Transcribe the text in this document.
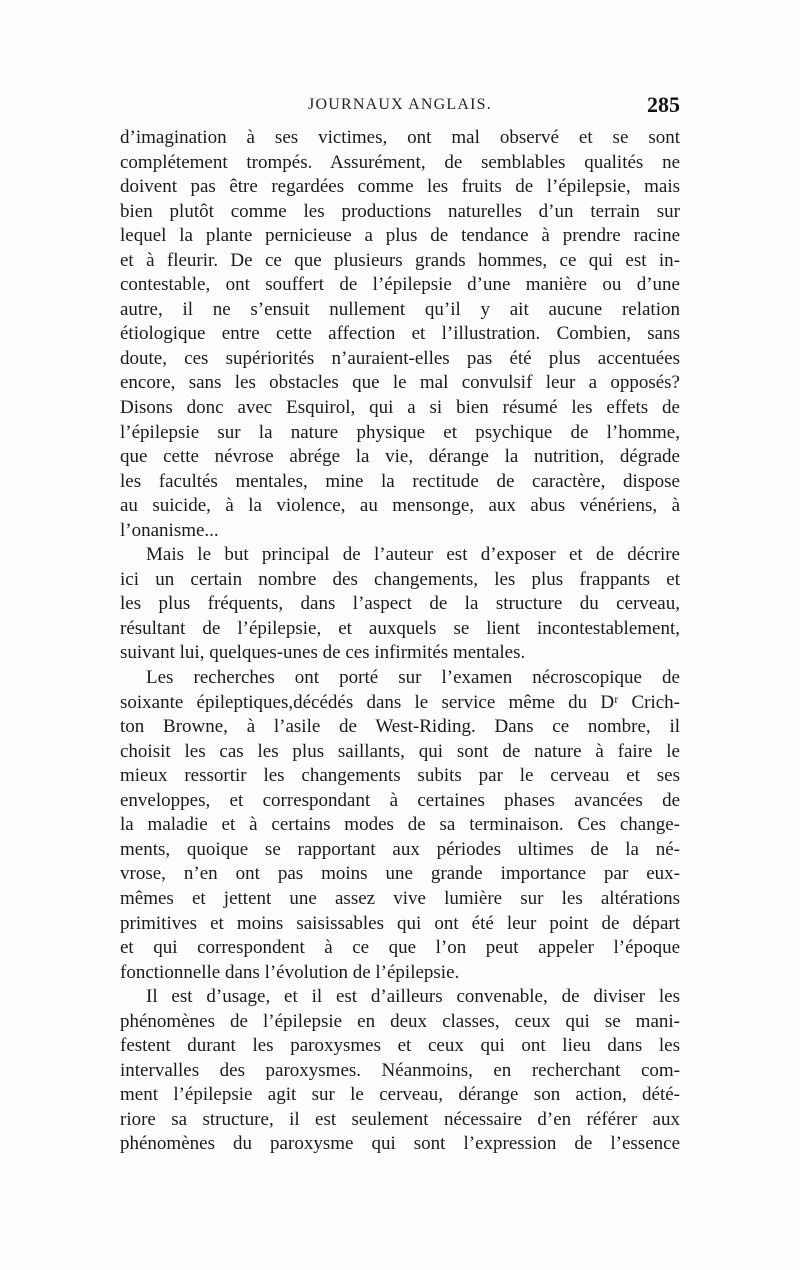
JOURNAUX ANGLAIS.	285
d’imagination à ses victimes, ont mal observé et se sont
complétement trompés. Assurément, de semblables qualités ne
doivent pas être regardées comme les fruits de l’épilepsie, mais
bien plutôt comme les productions naturelles d’un terrain sur
lequel la plante pernicieuse a plus de tendance à prendre racine
et à fleurir. De ce que plusieurs grands hommes, ce qui est in-
contestable, ont souffert de l’épilepsie d’une manière ou d’une
autre, il ne s’ensuit nullement qu’il y ait aucune relation
étiologique entre cette affection et l’illustration. Combien, sans
doute, ces supériorités n’auraient-elles pas été plus accentuées
encore, sans les obstacles que le mal convulsif leur a opposés?
Disons donc avec Esquirol, qui a si bien résumé les effets de
l’épilepsie sur la nature physique et psychique de l’homme,
que cette névrose abrége la vie, dérange la nutrition, dégrade
les facultés mentales, mine la rectitude de caractère, dispose
au suicide, à la violence, au mensonge, aux abus vénériens, à
l’onanisme...
Mais le but principal de l’auteur est d’exposer et de décrire
ici un certain nombre des changements, les plus frappants et
les plus fréquents, dans l’aspect de la structure du cerveau,
résultant de l’épilepsie, et auxquels se lient incontestablement,
suivant lui, quelques-unes de ces infirmités mentales.
Les recherches ont porté sur l’examen nécroscopique de
soixante épileptiques,décédés dans le service même du Dʳ Crich-
ton Browne, à l’asile de West-Riding. Dans ce nombre, il
choisit les cas les plus saillants, qui sont de nature à faire le
mieux ressortir les changements subits par le cerveau et ses
enveloppes, et correspondant à certaines phases avancées de
la maladie et à certains modes de sa terminaison. Ces change-
ments, quoique se rapportant aux périodes ultimes de la né-
vrose, n’en ont pas moins une grande importance par eux-
mêmes et jettent une assez vive lumière sur les altérations
primitives et moins saisissables qui ont été leur point de départ
et qui correspondent à ce que l’on peut appeler l’époque
fonctionnelle dans l’évolution de l’épilepsie.
Il est d’usage, et il est d’ailleurs convenable, de diviser les
phénomènes de l’épilepsie en deux classes, ceux qui se mani-
festent durant les paroxysmes et ceux qui ont lieu dans les
intervalles des paroxysmes. Néanmoins, en recherchant com-
ment l’épilepsie agit sur le cerveau, dérange son action, dété-
riore sa structure, il est seulement nécessaire d’en référer aux
phénomènes du paroxysme qui sont l’expression de l’essence
